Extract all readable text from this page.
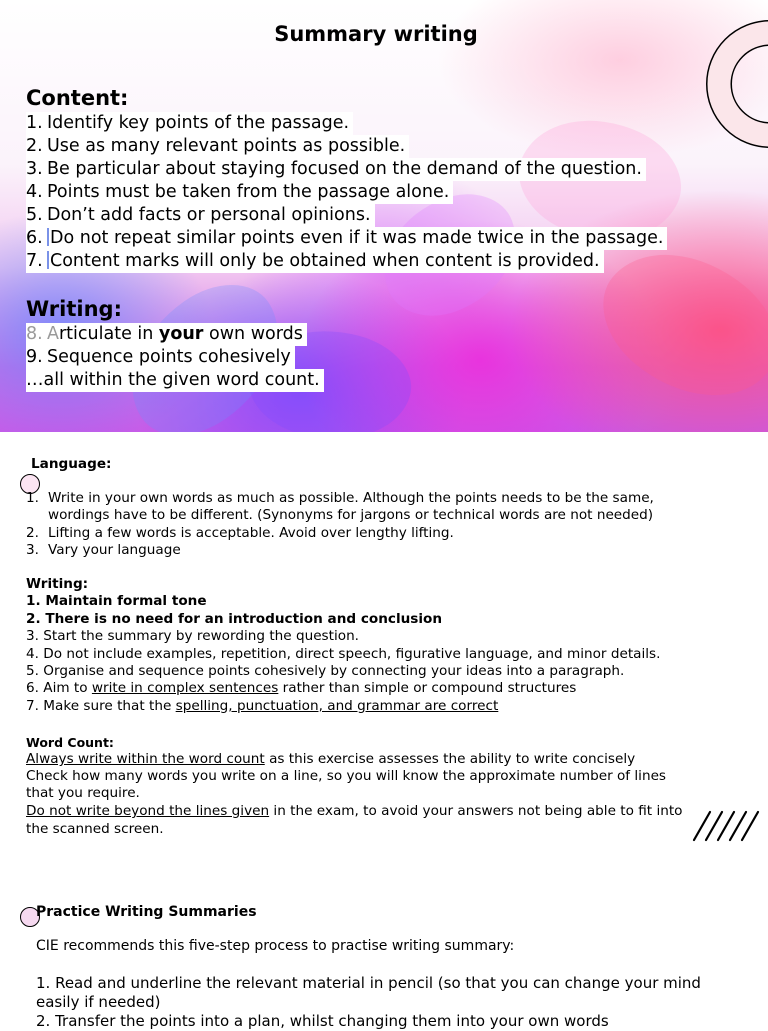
Summary writing
Content:
1. Identify key points of the passage.
2. Use as many relevant points as possible.
3. Be particular about staying focused on the demand of the question.
4. Points must be taken from the passage alone.
5. Don’t add facts or personal opinions.
6. Do not repeat similar points even if it was made twice in the passage.
7. Content marks will only be obtained when content is provided.
Writing:
8. Articulate in your own words
9. Sequence points cohesively
…all within the given word count.
Language:
1. Write in your own words as much as possible. Although the points needs to be the same,
wordings have to be different. (Synonyms for jargons or technical words are not needed)
2. Lifting a few words is acceptable. Avoid over lengthy lifting.
3. Vary your language
Writing:
1. Maintain formal tone
2. There is no need for an introduction and conclusion
3. Start the summary by rewording the question.
4. Do not include examples, repetition, direct speech, figurative language, and minor details.
5. Organise and sequence points cohesively by connecting your ideas into a paragraph.
6. Aim to write in complex sentences rather than simple or compound structures
7. Make sure that the spelling, punctuation, and grammar are correct
Word Count:
Always write within the word count as this exercise assesses the ability to write concisely
Check how many words you write on a line, so you will know the approximate number of lines
that you require.
Do not write beyond the lines given in the exam, to avoid your answers not being able to fit into
the scanned screen.
Practice Writing Summaries
CIE recommends this five-step process to practise writing summary:
1. Read and underline the relevant material in pencil (so that you can change your mind
easily if needed)
2. Transfer the points into a plan, whilst changing them into your own words
